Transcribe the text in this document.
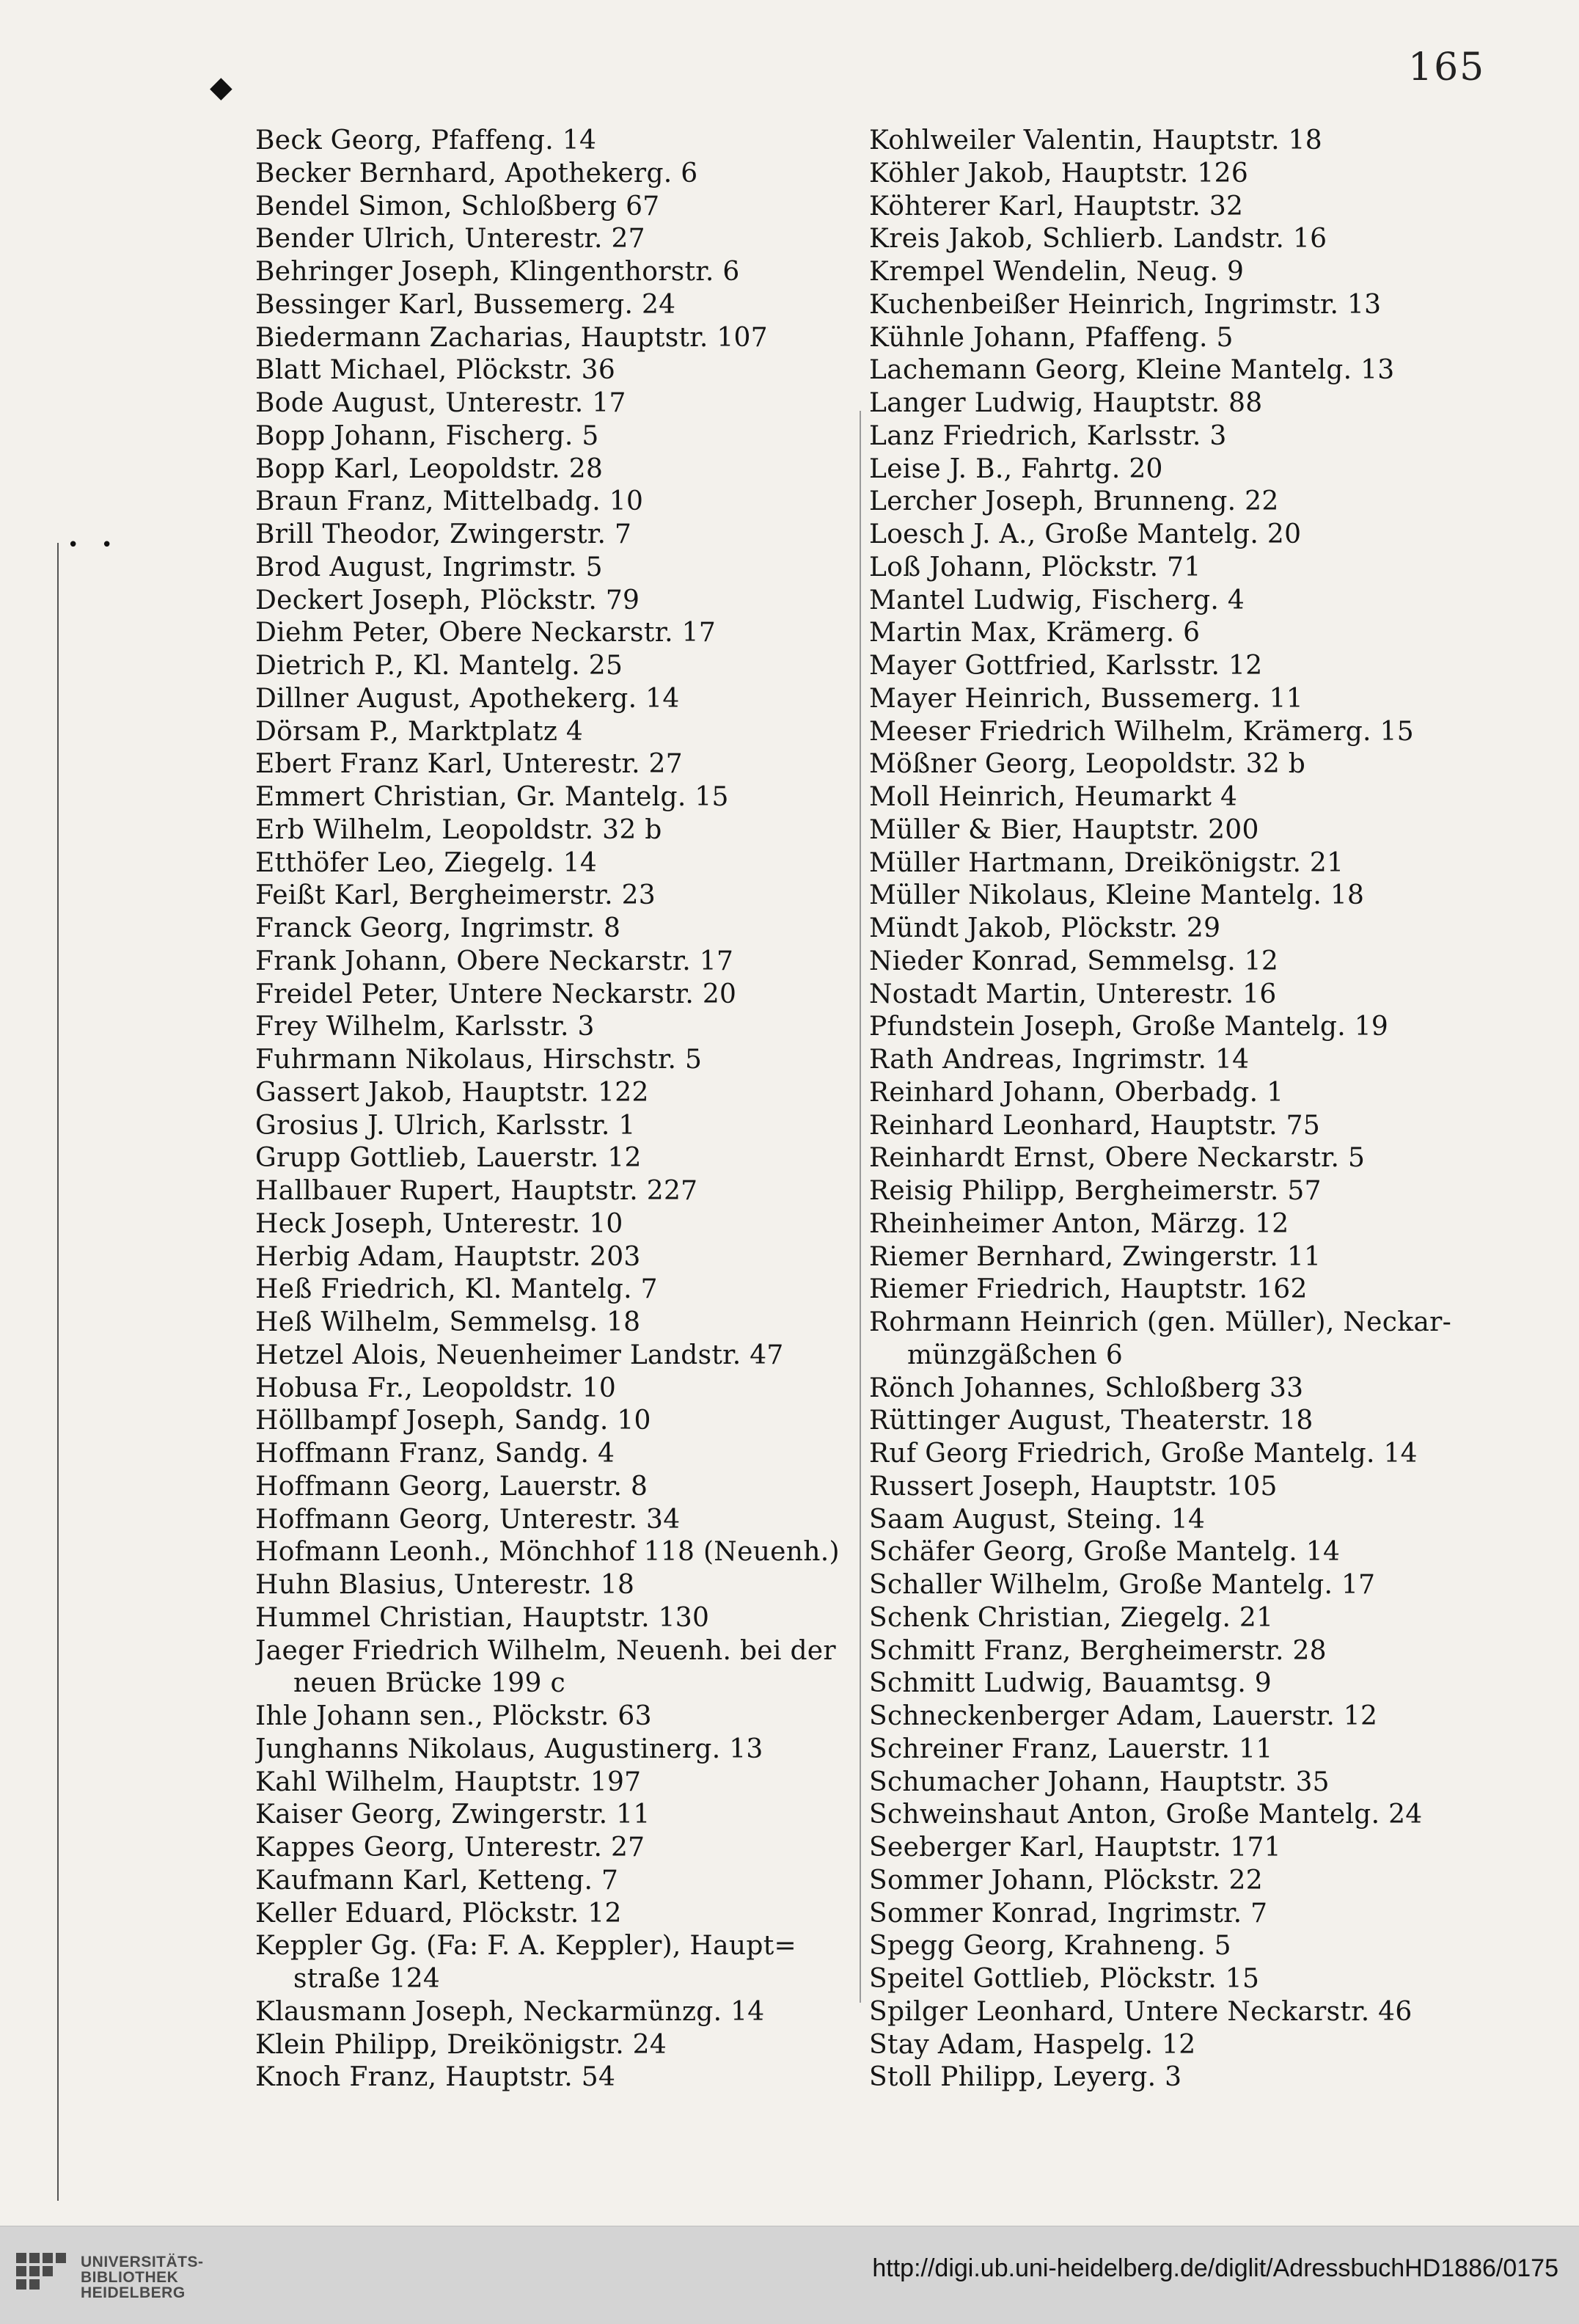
165
◆
• •
Beck Georg, Pfaffeng. 14
Becker Bernhard, Apothekerg. 6
Bendel Simon, Schloßberg 67
Bender Ulrich, Unterestr. 27
Behringer Joseph, Klingenthorstr. 6
Bessinger Karl, Bussemerg. 24
Biedermann Zacharias, Hauptstr. 107
Blatt Michael, Plöckstr. 36
Bode August, Unterestr. 17
Bopp Johann, Fischerg. 5
Bopp Karl, Leopoldstr. 28
Braun Franz, Mittelbadg. 10
Brill Theodor, Zwingerstr. 7
Brod August, Ingrimstr. 5
Deckert Joseph, Plöckstr. 79
Diehm Peter, Obere Neckarstr. 17
Dietrich P., Kl. Mantelg. 25
Dillner August, Apothekerg. 14
Dörsam P., Marktplatz 4
Ebert Franz Karl, Unterestr. 27
Emmert Christian, Gr. Mantelg. 15
Erb Wilhelm, Leopoldstr. 32 b
Etthöfer Leo, Ziegelg. 14
Feißt Karl, Bergheimerstr. 23
Franck Georg, Ingrimstr. 8
Frank Johann, Obere Neckarstr. 17
Freidel Peter, Untere Neckarstr. 20
Frey Wilhelm, Karlsstr. 3
Fuhrmann Nikolaus, Hirschstr. 5
Gassert Jakob, Hauptstr. 122
Grosius J. Ulrich, Karlsstr. 1
Grupp Gottlieb, Lauerstr. 12
Hallbauer Rupert, Hauptstr. 227
Heck Joseph, Unterestr. 10
Herbig Adam, Hauptstr. 203
Heß Friedrich, Kl. Mantelg. 7
Heß Wilhelm, Semmelsg. 18
Hetzel Alois, Neuenheimer Landstr. 47
Hobusa Fr., Leopoldstr. 10
Höllbampf Joseph, Sandg. 10
Hoffmann Franz, Sandg. 4
Hoffmann Georg, Lauerstr. 8
Hoffmann Georg, Unterestr. 34
Hofmann Leonh., Mönchhof 118 (Neuenh.)
Huhn Blasius, Unterestr. 18
Hummel Christian, Hauptstr. 130
Jaeger Friedrich Wilhelm, Neuenh. bei der
neuen Brücke 199 c
Ihle Johann sen., Plöckstr. 63
Junghanns Nikolaus, Augustinerg. 13
Kahl Wilhelm, Hauptstr. 197
Kaiser Georg, Zwingerstr. 11
Kappes Georg, Unterestr. 27
Kaufmann Karl, Ketteng. 7
Keller Eduard, Plöckstr. 12
Keppler Gg. (Fa: F. A. Keppler), Haupt=
straße 124
Klausmann Joseph, Neckarmünzg. 14
Klein Philipp, Dreikönigstr. 24
Knoch Franz, Hauptstr. 54
Kohlweiler Valentin, Hauptstr. 18
Köhler Jakob, Hauptstr. 126
Köhterer Karl, Hauptstr. 32
Kreis Jakob, Schlierb. Landstr. 16
Krempel Wendelin, Neug. 9
Kuchenbeißer Heinrich, Ingrimstr. 13
Kühnle Johann, Pfaffeng. 5
Lachemann Georg, Kleine Mantelg. 13
Langer Ludwig, Hauptstr. 88
Lanz Friedrich, Karlsstr. 3
Leise J. B., Fahrtg. 20
Lercher Joseph, Brunneng. 22
Loesch J. A., Große Mantelg. 20
Loß Johann, Plöckstr. 71
Mantel Ludwig, Fischerg. 4
Martin Max, Krämerg. 6
Mayer Gottfried, Karlsstr. 12
Mayer Heinrich, Bussemerg. 11
Meeser Friedrich Wilhelm, Krämerg. 15
Mößner Georg, Leopoldstr. 32 b
Moll Heinrich, Heumarkt 4
Müller & Bier, Hauptstr. 200
Müller Hartmann, Dreikönigstr. 21
Müller Nikolaus, Kleine Mantelg. 18
Mündt Jakob, Plöckstr. 29
Nieder Konrad, Semmelsg. 12
Nostadt Martin, Unterestr. 16
Pfundstein Joseph, Große Mantelg. 19
Rath Andreas, Ingrimstr. 14
Reinhard Johann, Oberbadg. 1
Reinhard Leonhard, Hauptstr. 75
Reinhardt Ernst, Obere Neckarstr. 5
Reisig Philipp, Bergheimerstr. 57
Rheinheimer Anton, Märzg. 12
Riemer Bernhard, Zwingerstr. 11
Riemer Friedrich, Hauptstr. 162
Rohrmann Heinrich (gen. Müller), Neckar-
münzgäßchen 6
Rönch Johannes, Schloßberg 33
Rüttinger August, Theaterstr. 18
Ruf Georg Friedrich, Große Mantelg. 14
Russert Joseph, Hauptstr. 105
Saam August, Steing. 14
Schäfer Georg, Große Mantelg. 14
Schaller Wilhelm, Große Mantelg. 17
Schenk Christian, Ziegelg. 21
Schmitt Franz, Bergheimerstr. 28
Schmitt Ludwig, Bauamtsg. 9
Schneckenberger Adam, Lauerstr. 12
Schreiner Franz, Lauerstr. 11
Schumacher Johann, Hauptstr. 35
Schweinshaut Anton, Große Mantelg. 24
Seeberger Karl, Hauptstr. 171
Sommer Johann, Plöckstr. 22
Sommer Konrad, Ingrimstr. 7
Spegg Georg, Krahneng. 5
Speitel Gottlieb, Plöckstr. 15
Spilger Leonhard, Untere Neckarstr. 46
Stay Adam, Haspelg. 12
Stoll Philipp, Leyerg. 3
UNIVERSITÄTS-
BIBLIOTHEK
HEIDELBERG
http://digi.ub.uni-heidelberg.de/diglit/AdressbuchHD1886/0175
